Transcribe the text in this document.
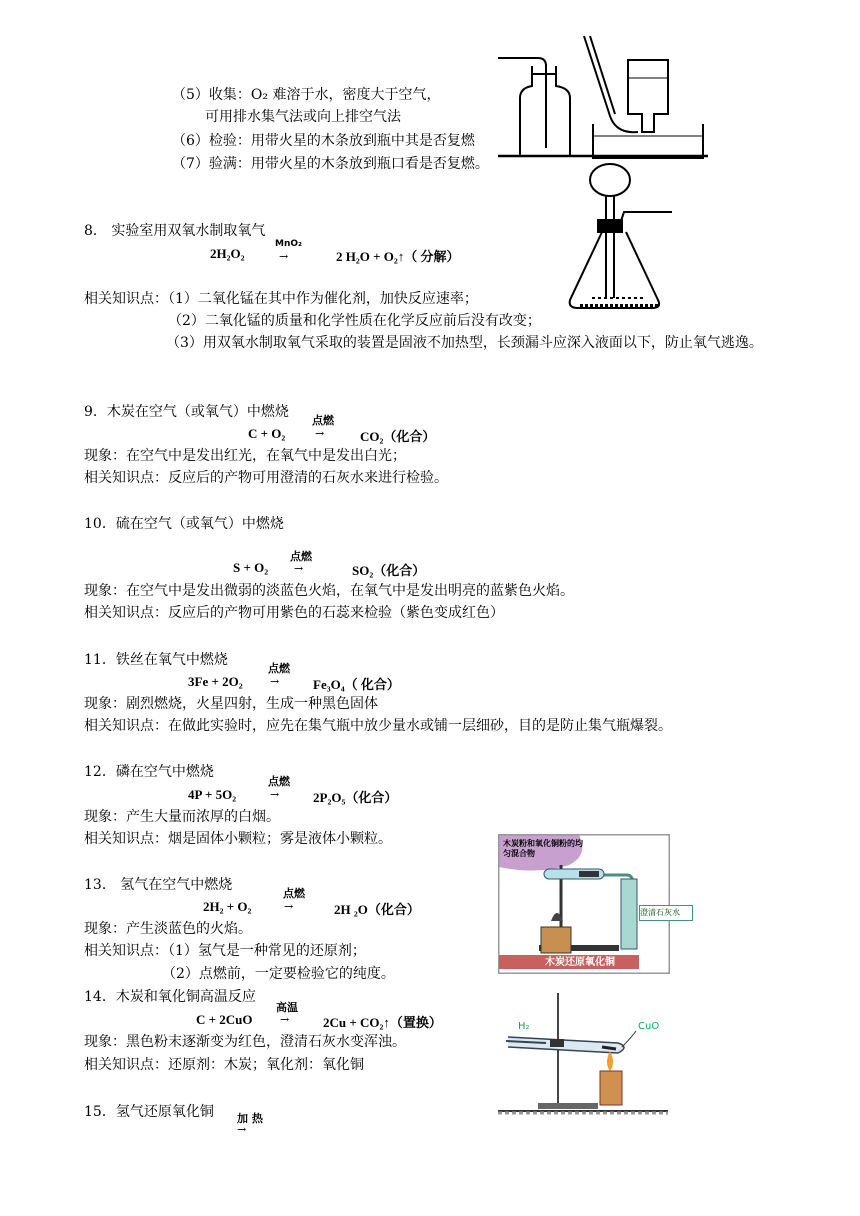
（5）收集：O₂ 难溶于水，密度大于空气，
可用排水集气法或向上排空气法
（6）检验：用带火星的木条放到瓶中其是否复燃
（7）验满：用带火星的木条放到瓶口看是否复燃。
8． 实验室用双氧水制取氧气
2H₂O₂
MnO₂
→	2 H₂O + O₂↑（ 分解）
相关知识点：（1）二氧化锰在其中作为催化剂，加快反应速率；
（2）二氧化锰的质量和化学性质在化学反应前后没有改变；
（3）用双氧水制取氧气采取的装置是固液不加热型，长颈漏斗应深入液面以下，防止氧气逃逸。
9．木炭在空气（或氧气）中燃烧
点燃
C + O₂	→	CO₂（化合）
现象：在空气中是发出红光，在氧气中是发出白光；
相关知识点：反应后的产物可用澄清的石灰水来进行检验。
10．硫在空气（或氧气）中燃烧
点燃
S + O₂ →	SO₂（化合）
现象：在空气中是发出微弱的淡蓝色火焰，在氧气中是发出明亮的蓝紫色火焰。
相关知识点：反应后的产物可用紫色的石蕊来检验（紫色变成红色）
11．铁丝在氧气中燃烧
点燃
3Fe + 2O₂ →	Fe₃O₄（ 化合）
现象：剧烈燃烧，火星四射，生成一种黑色固体
相关知识点：在做此实验时，应先在集气瓶中放少量水或铺一层细砂，目的是防止集气瓶爆裂。
12．磷在空气中燃烧
点燃
4P + 5O₂	→	2P₂O₅（化合）
现象：产生大量而浓厚的白烟。
相关知识点：烟是固体小颗粒；雾是液体小颗粒。	木炭粉和氧化铜粉的均匀混合物
澄清石灰水
木炭还原氧化铜
13． 氢气在空气中燃烧
点燃
2H₂ + O₂	→	2H ₂O（化合）
现象：产生淡蓝色的火焰。
相关知识点：（1）氢气是一种常见的还原剂；
（2）点燃前，一定要检验它的纯度。
14．木炭和氧化铜高温反应
高温
C + 2CuO →	2Cu + CO₂↑（置换）
现象：黑色粉末逐渐变为红色，澄清石灰水变浑浊。
相关知识点：还原剂：木炭；氧化剂：氧化铜
H₂	CuO
15．氢气还原氧化铜 加 热
→
